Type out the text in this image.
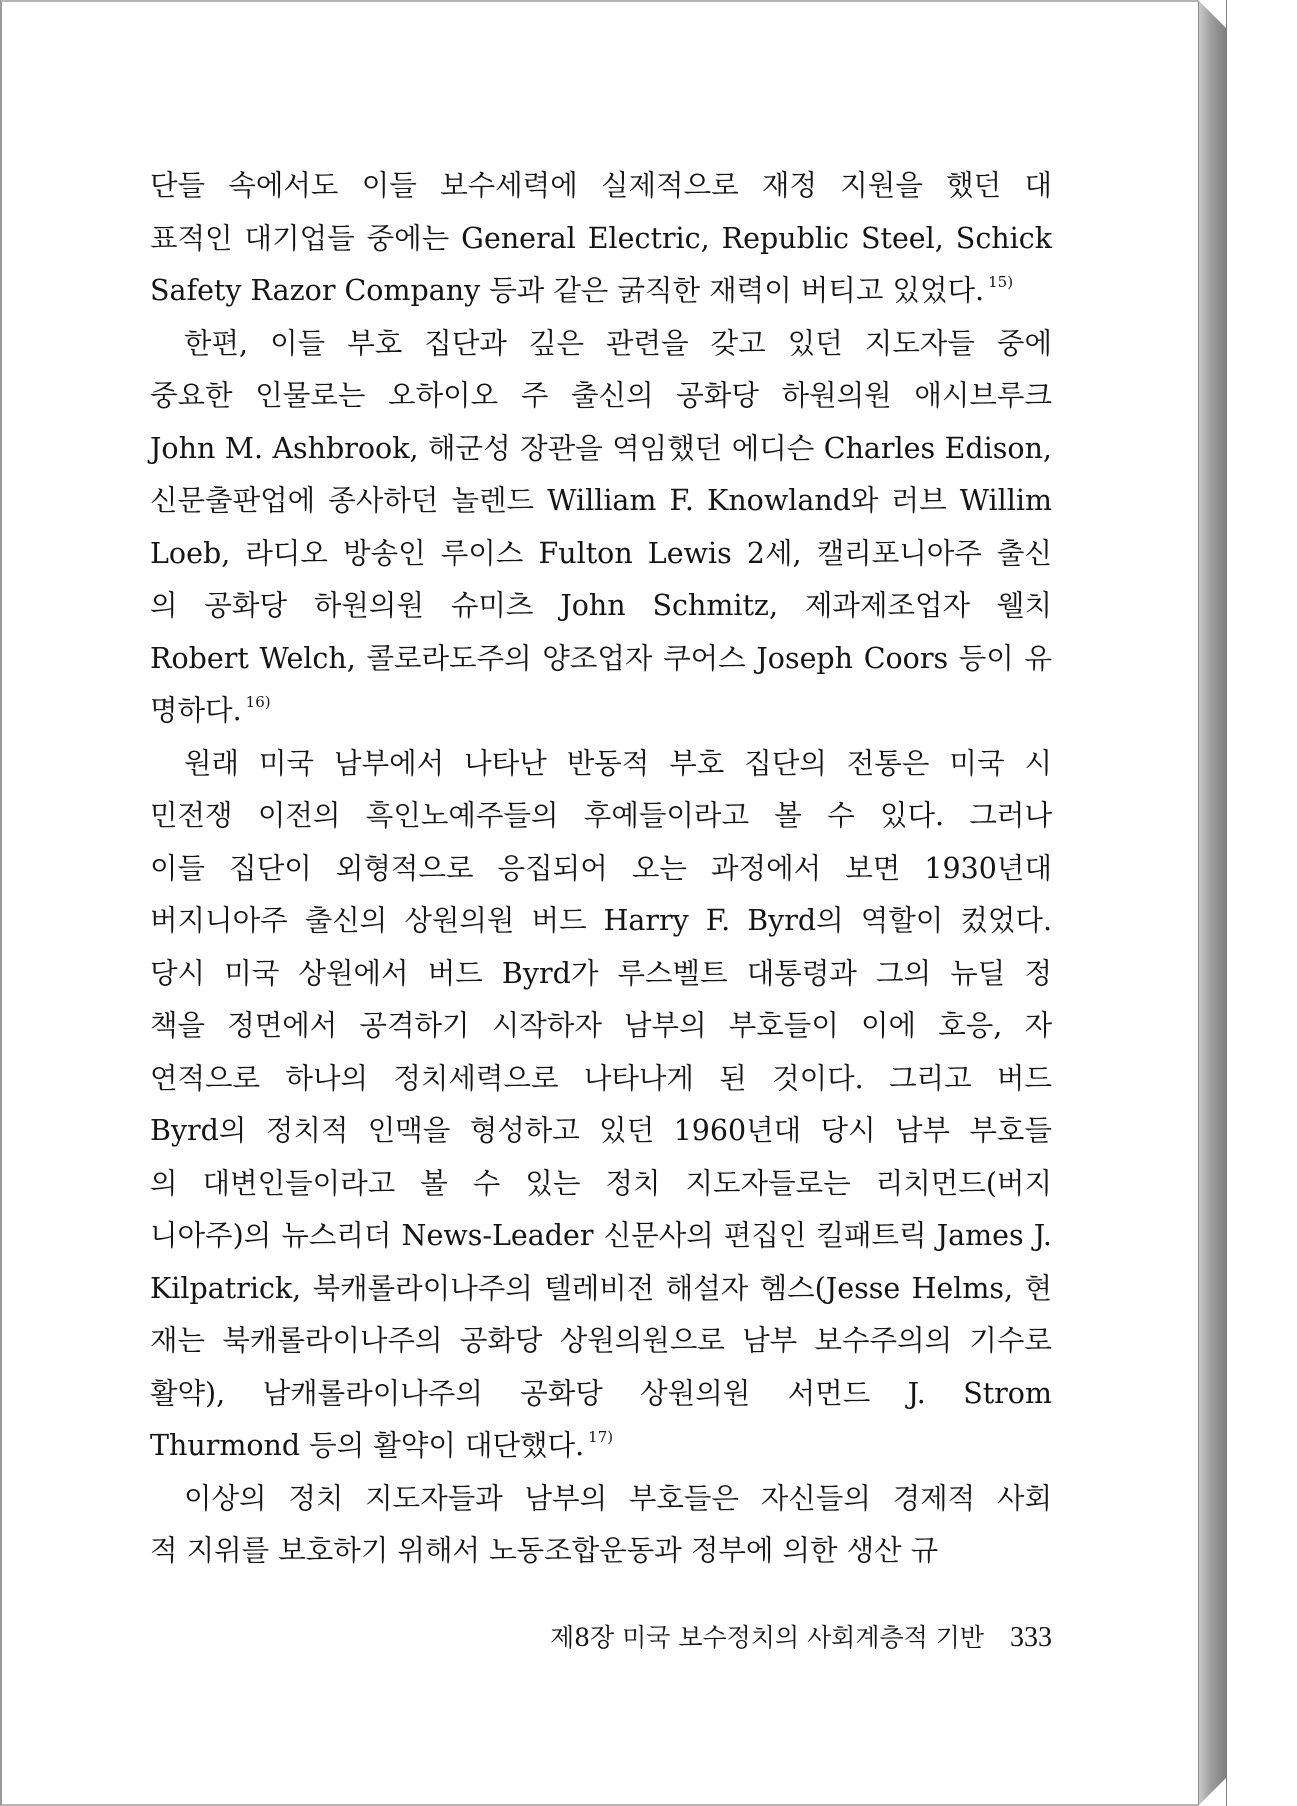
단들 속에서도 이들 보수세력에 실제적으로 재정 지원을 했던 대
표적인 대기업들 중에는 General Electric, Republic Steel, Schick
Safety Razor Company 등과 같은 굵직한 재력이 버티고 있었다. $^{15)}$
한편, 이들 부호 집단과 깊은 관련을 갖고 있던 지도자들 중에
중요한 인물로는 오하이오 주 출신의 공화당 하원의원 애시브루크
John M. Ashbrook, 해군성 장관을 역임했던 에디슨 Charles Edison,
신문출판업에 종사하던 놀렌드 William F. Knowland와 러브 Willim
Loeb, 라디오 방송인 루이스 Fulton Lewis 2세, 캘리포니아주 출신
의 공화당 하원의원 슈미츠 John Schmitz, 제과제조업자 웰치
Robert Welch, 콜로라도주의 양조업자 쿠어스 Joseph Coors 등이 유
명하다. $^{16)}$
원래 미국 남부에서 나타난 반동적 부호 집단의 전통은 미국 시
민전쟁 이전의 흑인노예주들의 후예들이라고 볼 수 있다. 그러나
이들 집단이 외형적으로 응집되어 오는 과정에서 보면 1930년대
버지니아주 출신의 상원의원 버드 Harry F. Byrd의 역할이 컸었다.
당시 미국 상원에서 버드 Byrd가 루스벨트 대통령과 그의 뉴딜 정
책을 정면에서 공격하기 시작하자 남부의 부호들이 이에 호응, 자
연적으로 하나의 정치세력으로 나타나게 된 것이다. 그리고 버드
Byrd의 정치적 인맥을 형성하고 있던 1960년대 당시 남부 부호들
의 대변인들이라고 볼 수 있는 정치 지도자들로는 리치먼드(버지
니아주)의 뉴스리더 News-Leader 신문사의 편집인 킬패트릭 James J.
Kilpatrick, 북캐롤라이나주의 텔레비전 해설자 헴스(Jesse Helms, 현
재는 북캐롤라이나주의 공화당 상원의원으로 남부 보수주의의 기수로
활약), 남캐롤라이나주의 공화당 상원의원 서먼드 J. Strom
Thurmond 등의 활약이 대단했다. $^{17)}$
이상의 정치 지도자들과 남부의 부호들은 자신들의 경제적 사회
적 지위를 보호하기 위해서 노동조합운동과 정부에 의한 생산 규
제8장 미국 보수정치의 사회계층적 기반 333
